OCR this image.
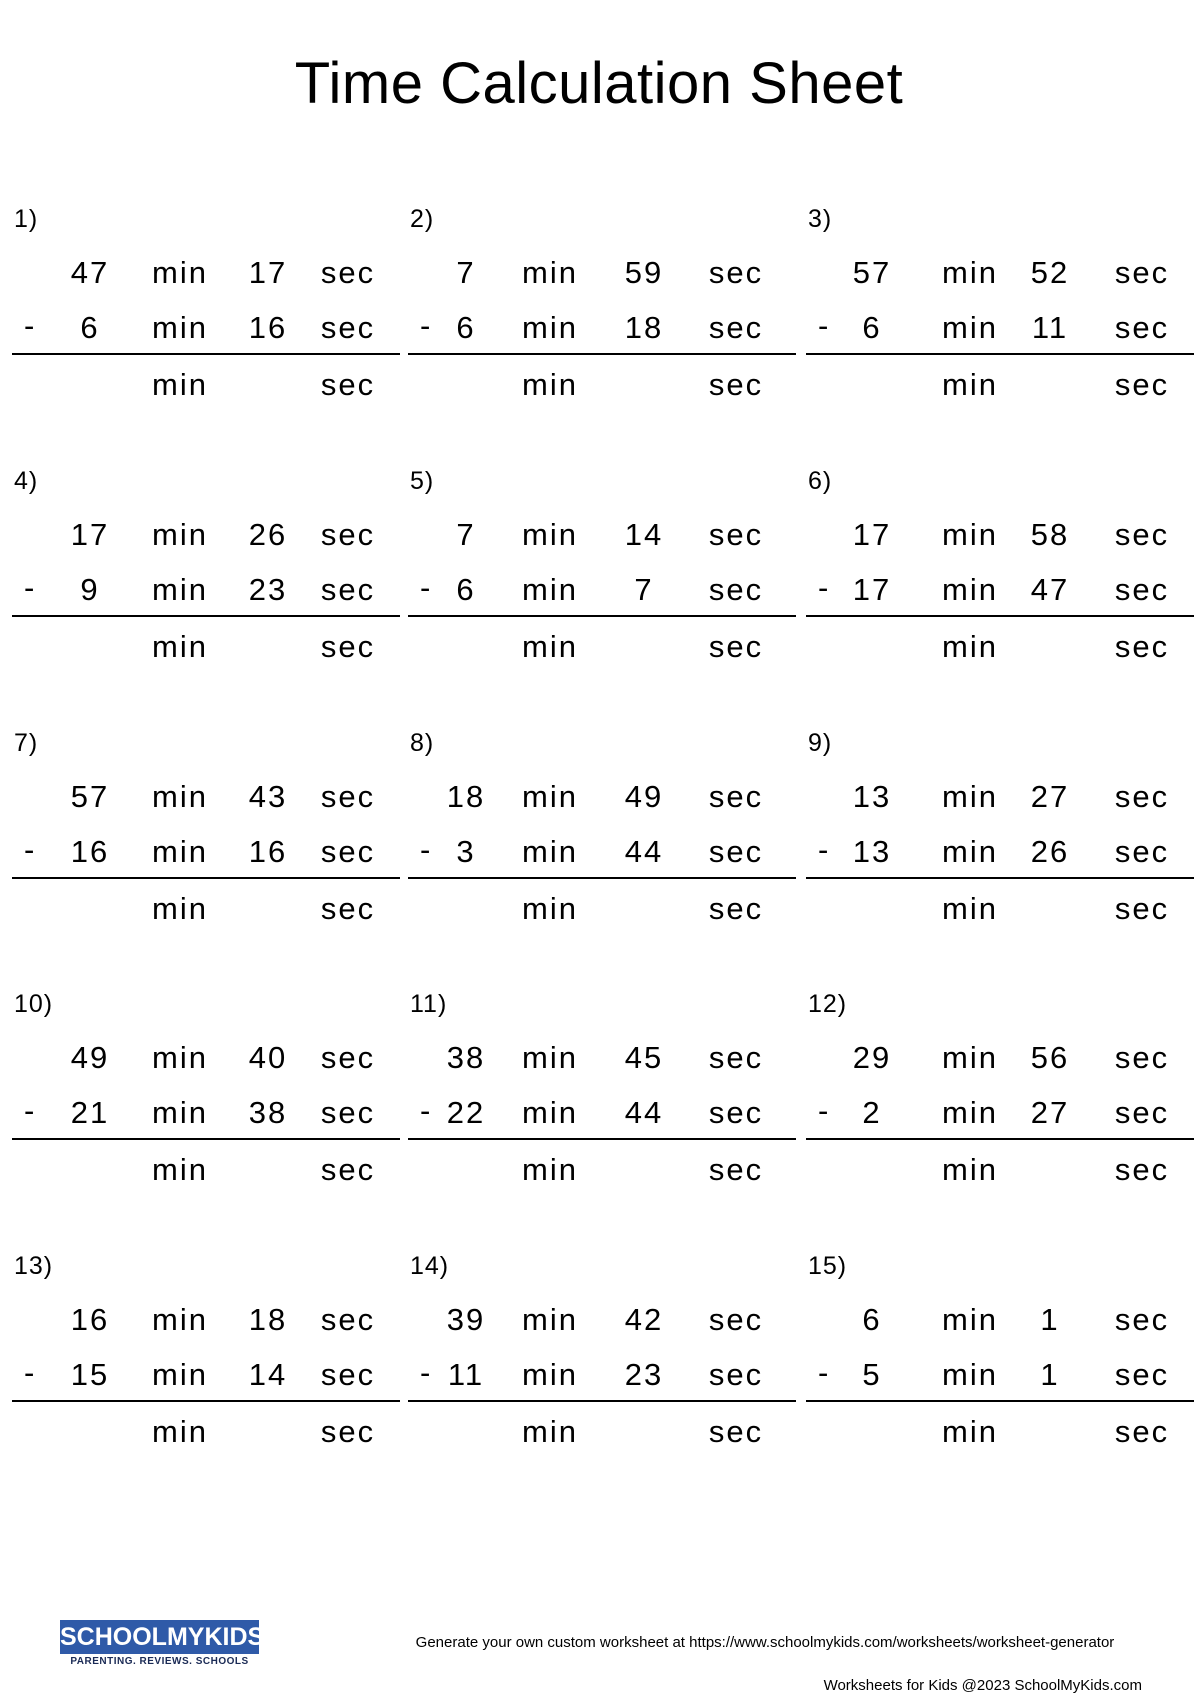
Time Calculation Sheet
1)
47	min	17	sec
-	6	min	16	sec
min	sec
2)
7	min	59	sec
- 6	min	18	sec
min	sec
3)
57	min	52	sec
-	6	min	11	sec
min	sec
4)
17	min	26	sec
-	9	min	23	sec
min	sec
5)
7	min	14	sec
- 6	min	7	sec
min	sec
6)
17	min	58	sec
- 17	min	47	sec
min	sec
7)
57	min	43	sec
-	16	min	16	sec
min	sec
8)
18	min	49	sec
- 3	min	44	sec
min	sec
9)
13	min	27	sec
- 13	min	26	sec
min	sec
10)
49	min	40	sec
-	21	min	38	sec
min	sec
11)
38	min	45	sec
- 22	min	44	sec
min	sec
12)
29	min	56	sec
-	2	min	27	sec
min	sec
13)
16	min	18	sec
-	15	min	14	sec
min	sec
14)
39	min	42	sec
- 11	min	23	sec
min	sec
15)
6	min	1	sec
-	5	min	1	sec
min	sec
SCHOOLMYKIDS
PARENTING. REVIEWS. SCHOOLS
Generate your own custom worksheet at https://www.schoolmykids.com/worksheets/worksheet-generator
Worksheets for Kids @2023 SchoolMyKids.com
